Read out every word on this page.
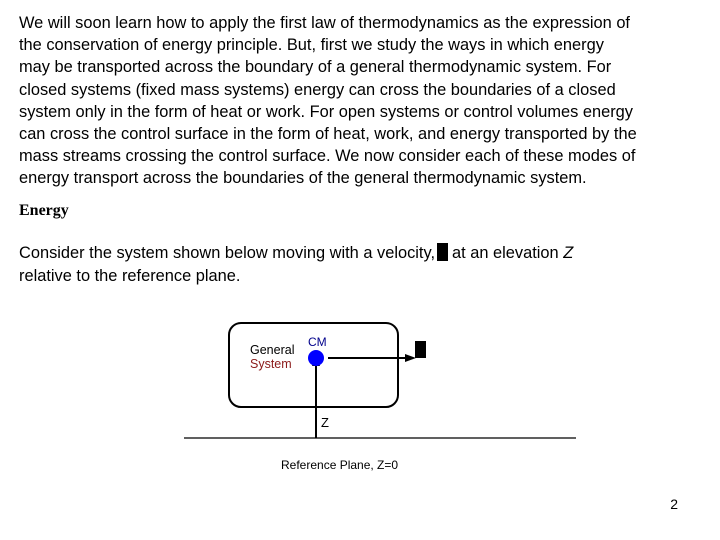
We will soon learn how to apply the first law of thermodynamics as the expression of
the conservation of energy principle. But, first we study the ways in which energy
may be transported across the boundary of a general thermodynamic system. For
closed systems (fixed mass systems) energy can cross the boundaries of a closed
system only in the form of heat or work. For open systems or control volumes energy
can cross the control surface in the form of heat, work, and energy transported by the
mass streams crossing the control surface. We now consider each of these modes of
energy transport across the boundaries of the general thermodynamic system.
Energy
Consider the system shown below moving with a velocity, at an elevation Z
relative to the reference plane.
General
System
CM
Z
Reference Plane, Z=0
2
